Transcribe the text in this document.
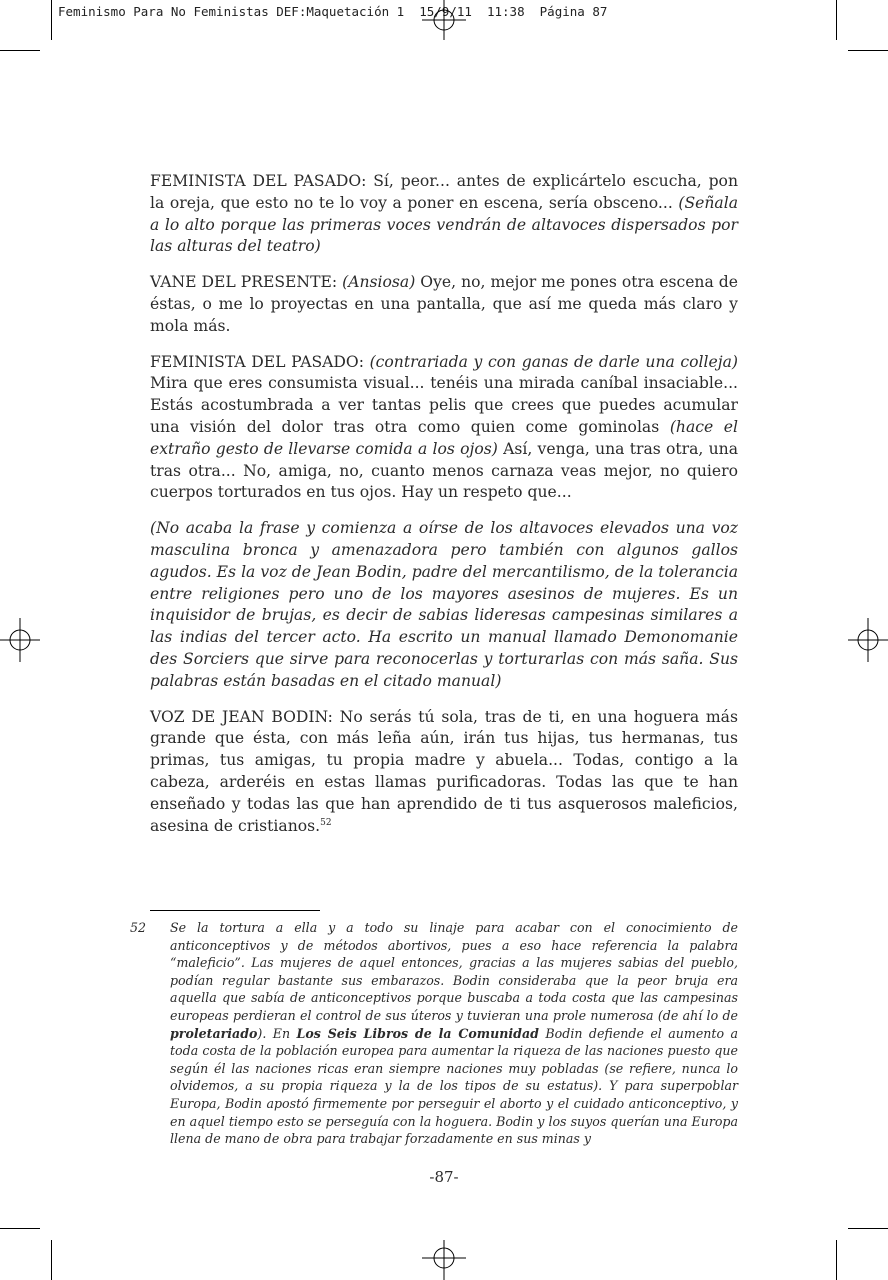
Feminismo Para No Feministas DEF:Maquetación 1  15/9/11  11:38  Página 87

FEMINISTA DEL PASADO: Sí, peor... antes de explicártelo escucha, pon la oreja, que esto no te lo voy a poner en escena, sería obsceno... (Señala a lo alto porque las primeras voces vendrán de altavoces dispersados por las alturas del teatro)

VANE DEL PRESENTE: (Ansiosa) Oye, no, mejor me pones otra escena de éstas, o me lo proyectas en una pantalla, que así me queda más claro y mola más.

FEMINISTA DEL PASADO: (contrariada y con ganas de darle una colleja) Mira que eres consumista visual... tenéis una mirada caníbal insaciable... Estás acostumbrada a ver tantas pelis que crees que puedes acumular una visión del dolor tras otra como quien come gominolas (hace el extraño gesto de llevarse comida a los ojos) Así, venga, una tras otra, una tras otra... No, amiga, no, cuanto menos carnaza veas mejor, no quiero cuerpos torturados en tus ojos. Hay un respeto que...

(No acaba la frase y comienza a oírse de los altavoces elevados una voz masculina bronca y amenazadora pero también con algunos gallos agudos. Es la voz de Jean Bodin, padre del mercantilismo, de la tolerancia entre religiones pero uno de los mayores asesinos de mujeres. Es un inquisidor de brujas, es decir de sabias lideresas campesinas similares a las indias del tercer acto. Ha escrito un manual llamado Demonomanie des Sorciers que sirve para reconocerlas y torturarlas con más saña. Sus palabras están basadas en el citado manual)

VOZ DE JEAN BODIN: No serás tú sola, tras de ti, en una hoguera más grande que ésta, con más leña aún, irán tus hijas, tus hermanas, tus primas, tus amigas, tu propia madre y abuela... Todas, contigo a la cabeza, arderéis en estas llamas purificadoras. Todas las que te han enseñado y todas las que han aprendido de ti tus asquerosos maleficios, asesina de cristianos.$^{52}$

52 Se la tortura a ella y a todo su linaje para acabar con el conocimiento de anticonceptivos y de métodos abortivos, pues a eso hace referencia la palabra “maleficio”. Las mujeres de aquel entonces, gracias a las mujeres sabias del pueblo, podían regular bastante sus embarazos. Bodin consideraba que la peor bruja era aquella que sabía de anticonceptivos porque buscaba a toda costa que las campesinas europeas perdieran el control de sus úteros y tuvieran una prole numerosa (de ahí lo de proletariado). En Los Seis Libros de la Comunidad Bodin defiende el aumento a toda costa de la población europea para aumentar la riqueza de las naciones puesto que según él las naciones ricas eran siempre naciones muy pobladas (se refiere, nunca lo olvidemos, a su propia riqueza y la de los tipos de su estatus). Y para superpoblar Europa, Bodin apostó firmemente por perseguir el aborto y el cuidado anticonceptivo, y en aquel tiempo esto se perseguía con la hoguera. Bodin y los suyos querían una Europa llena de mano de obra para trabajar forzadamente en sus minas y
-87-
